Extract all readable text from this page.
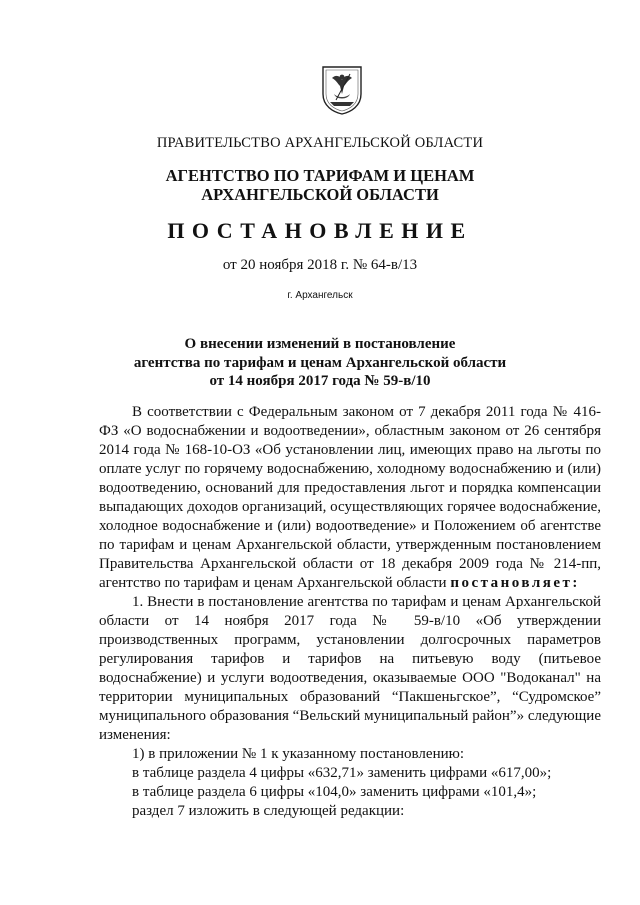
ПРАВИТЕЛЬСТВО АРХАНГЕЛЬСКОЙ ОБЛАСТИ
АГЕНТСТВО ПО ТАРИФАМ И ЦЕНАМ
АРХАНГЕЛЬСКОЙ ОБЛАСТИ
ПОСТАНОВЛЕНИЕ
от 20 ноября 2018 г. № 64-в/13
г. Архангельск
О внесении изменений в постановление
агентства по тарифам и ценам Архангельской области
от 14 ноября 2017 года № 59-в/10

В соответствии с Федеральным законом от 7 декабря 2011 года № 416-ФЗ «О водоснабжении и водоотведении», областным законом от 26 сентября 2014 года № 168-10-ОЗ «Об установлении лиц, имеющих право на льготы по оплате услуг по горячему водоснабжению, холодному водоснабжению и (или) водоотведению, оснований для предоставления льгот и порядка компенсации выпадающих доходов организаций, осуществляющих горячее водоснабжение, холодное водоснабжение и (или) водоотведение» и Положением об агентстве по тарифам и ценам Архангельской области, утвержденным постановлением Правительства Архангельской области от 18 декабря 2009 года № 214-пп, агентство по тарифам и ценам Архангельской области постановляет:

1. Внести в постановление агентства по тарифам и ценам Архангельской области от 14 ноября 2017 года № 59-в/10 «Об утверждении производственных программ, установлении долгосрочных параметров регулирования тарифов и тарифов на питьевую воду (питьевое водоснабжение) и услуги водоотведения, оказываемые ООО "Водоканал" на территории муниципальных образований “Пакшеньгское”, “Судромское” муниципального образования “Вельский муниципальный район”» следующие изменения:

1) в приложении № 1 к указанному постановлению:

в таблице раздела 4 цифры «632,71» заменить цифрами «617,00»;

в таблице раздела 6 цифры «104,0» заменить цифрами «101,4»;

раздел 7 изложить в следующей редакции:
